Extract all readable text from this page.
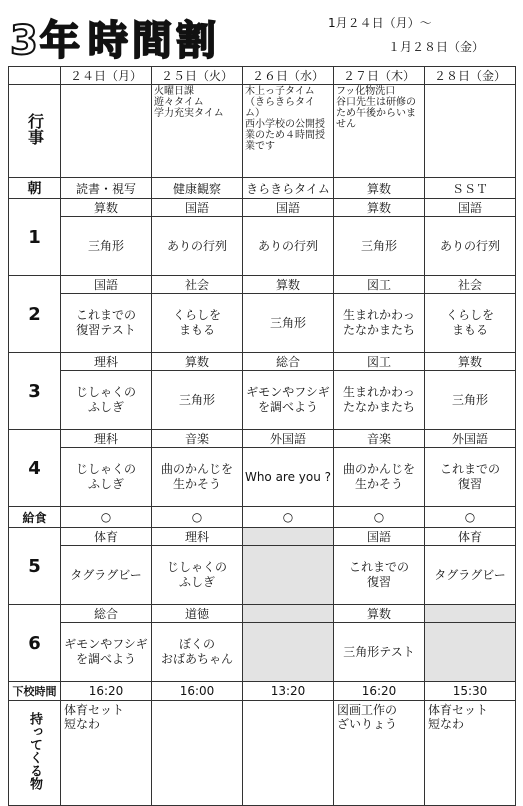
3年 時間割	1月２４日（月）～
１月２８日（金）
	２４日（月）	２５日（火）	２６日（水）	２７日（木）	２８日（金）
行事		火曜日課
遊々タイム
学力充実タイム	木上っ子タイム
（きらきらタイム）
西小学校の公開授業のため４時間授業です	フッ化物洗口
谷口先生は研修のため午後からいません	
朝	読書・視写	健康観察	きらきらタイム	算数	ＳＳＴ
1	算数	国語	国語	算数	国語
	三角形	ありの行列	ありの行列	三角形	ありの行列
2	国語	社会	算数	図工	社会
	これまでの
復習テスト	くらしを
まもる	三角形	生まれかわっ
たなかまたち	くらしを
まもる
3	理科	算数	総合	図工	算数
	じしゃくの
ふしぎ	三角形	ギモンやフシギ
を調べよう	生まれかわっ
たなかまたち	三角形
4	理科	音楽	外国語	音楽	外国語
	じしゃくの
ふしぎ	曲のかんじを
生かそう	Who are you ?	曲のかんじを
生かそう	これまでの
復習
給食	○	○	○	○	○
5	体育	理科		国語	体育
	タグラグビー	じしゃくの
ふしぎ		これまでの
復習	タグラグビー
6	総合	道徳		算数	
	ギモンやフシギ
を調べよう	ぼくの
おばあちゃん		三角形テスト	
下校時間	16:20	16:00	13:20	16:20	15:30
持ってくる物	体育セット
短なわ			図画工作の
ざいりょう	体育セット
短なわ
